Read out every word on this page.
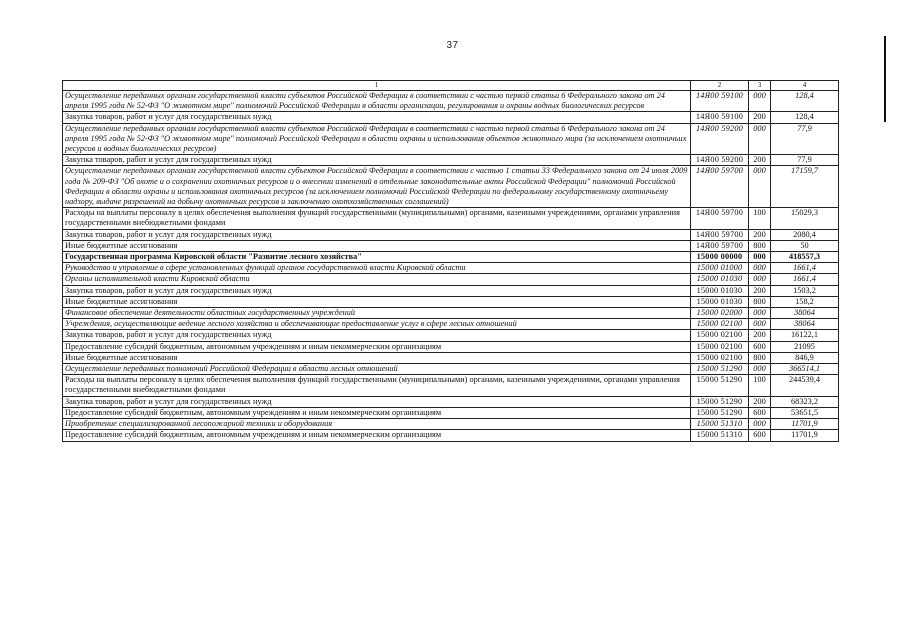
37
1	2	3	4
Осуществление переданных органам государственной власти субъектов Российской Федерации в соответствии с частью первой статьи 6 Федерального закона от 24 апреля 1995 года № 52-ФЗ "О животном мире" полномочий Российской Федерации в области организации, регулирования и охраны водных биологических ресурсов	14Я00 59100	000	128,4
Закупка товаров, работ и услуг для государственных нужд	14Я00 59100	200	128,4
Осуществление переданных органам государственной власти субъектов Российской Федерации в соответствии с частью первой статьи 6 Федерального закона от 24 апреля 1995 года № 52-ФЗ "О животном мире" полномочий Российской Федерации в области охраны и использования объектов животного мира (за исключением охотничьих ресурсов и водных биологических ресурсов)	14Я00 59200	000	77,9
Закупка товаров, работ и услуг для государственных нужд	14Я00 59200	200	77,9
Осуществление переданных органам государственной власти субъектов Российской Федерации в соответствии с частью 1 статьи 33 Федерального закона от 24 июля 2009 года № 209-ФЗ "Об охоте и о сохранении охотничьих ресурсов и о внесении изменений в отдельные законодательные акты Российской Федерации" полномочий Российской Федерации в области охраны и использования охотничьих ресурсов (за исключением полномочий Российской Федерации по федеральному государственному охотничьему надзору, выдаче разрешений на добычу охотничьих ресурсов и заключению охотхозяйственных соглашений)	14Я00 59700	000	17159,7
Расходы на выплаты персоналу в целях обеспечения выполнения функций государственными (муниципальными) органами, казенными учреждениями, органами управления государственными внебюджетными фондами	14Я00 59700	100	15029,3
Закупка товаров, работ и услуг для государственных нужд	14Я00 59700	200	2080,4
Иные бюджетные ассигнования	14Я00 59700	800	50
Государственная программа Кировской области "Развитие лесного хозяйства"	15000 00000	000	418557,3
Руководство и управление в сфере установленных функций органов государственной власти Кировской области	15000 01000	000	1661,4
Органы исполнительной власти Кировской области	15000 01030	000	1661,4
Закупка товаров, работ и услуг для государственных нужд	15000 01030	200	1503,2
Иные бюджетные ассигнования	15000 01030	800	158,2
Финансовое обеспечение деятельности областных государственных учреждений	15000 02000	000	38064
Учреждения, осуществляющие ведение лесного хозяйства и обеспечивающие предоставление услуг в сфере лесных отношений	15000 02100	000	38064
Закупка товаров, работ и услуг для государственных нужд	15000 02100	200	16122,1
Предоставление субсидий бюджетным, автономным учреждениям и иным некоммерческим организациям	15000 02100	600	21095
Иные бюджетные ассигнования	15000 02100	800	846,9
Осуществление переданных полномочий Российской Федерации в области лесных отношений	15000 51290	000	366514,1
Расходы на выплаты персоналу в целях обеспечения выполнения функций государственными (муниципальными) органами, казенными учреждениями, органами управления государственными внебюджетными фондами	15000 51290	100	244539,4
Закупка товаров, работ и услуг для государственных нужд	15000 51290	200	68323,2
Предоставление субсидий бюджетным, автономным учреждениям и иным некоммерческим организациям	15000 51290	600	53651,5
Приобретение специализированной лесопожарной техники и оборудования	15000 51310	000	11701,9
Предоставление субсидий бюджетным, автономным учреждениям и иным некоммерческим организациям	15000 51310	600	11701,9
